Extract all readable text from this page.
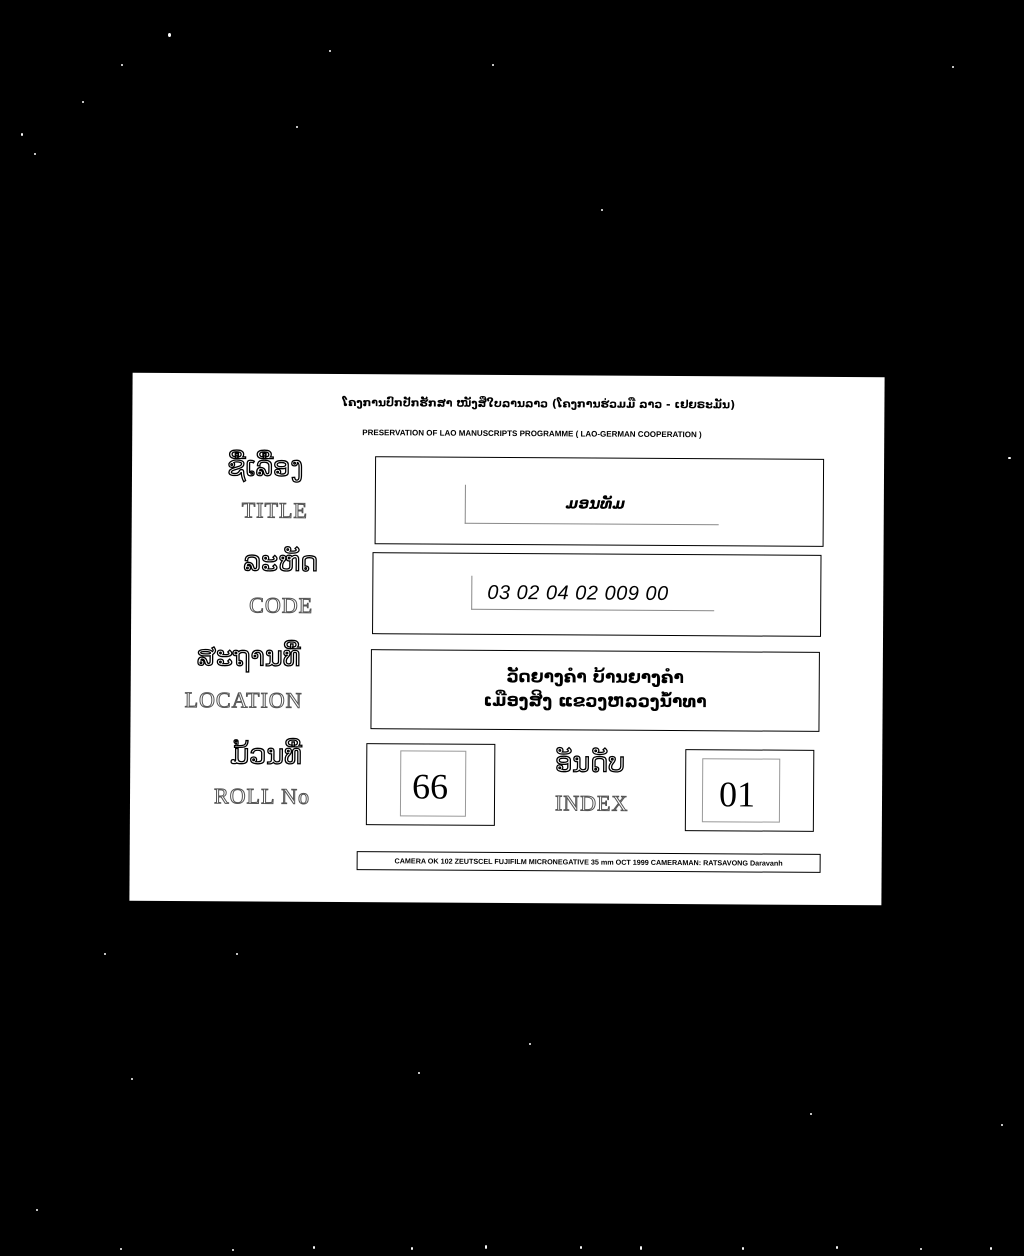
ໂຄງການປົກປັກຮັກສາ ໜັງສືໃບລານລາວ (ໂຄງການຮ່ວມມື ລາວ - ເຢຍຣະມັນ)
PRESERVATION OF LAO MANUSCRIPTS PROGRAMME ( LAO-GERMAN COOPERATION )
ຊື່ເລື່ອງ
TITLE	ມອນທັມ
ລະຫັດ
CODE	03 02 04 02 009 00
ສະຖານທີ່
LOCATION
ວັດຍາງຄຳ ບ້ານຍາງຄຳ
ເມືອງສິງ ແຂວງຫລວງນ້ຳທາ
ມ້ວນທີ່
ROLL No	66
ອັນດັບ
INDEX	01
CAMERA OK 102 ZEUTSCEL FUJIFILM MICRONEGATIVE 35 mm OCT 1999 CAMERAMAN: RATSAVONG Daravanh
